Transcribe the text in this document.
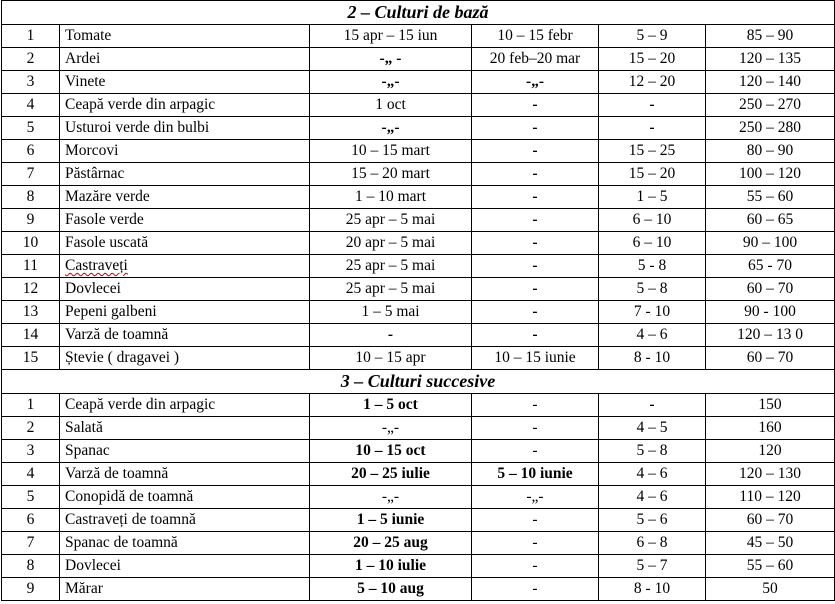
2 – Culturi de bază					
1	Tomate	15 apr – 15 iun	10 – 15 febr	5 – 9	85 – 90
2	Ardei	-„ -	20 feb–20 mar	15 – 20	120 – 135
3	Vinete	-„-	-„-	12 – 20	120 – 140
4	Ceapă verde din arpagic	1 oct	-	-	250 – 270
5	Usturoi verde din bulbi	-„-	-	-	250 – 280
6	Morcovi	10 – 15 mart	-	15 – 25	80 – 90
7	Păstârnac	15 – 20 mart	-	15 – 20	100 – 120
8	Mazăre verde	1 – 10 mart	-	1 – 5	55 – 60
9	Fasole verde	25 apr – 5 mai	-	6 – 10	60 – 65
10	Fasole uscată	20 apr – 5 mai	-	6 – 10	90 – 100
11	Castraveți	25 apr – 5 mai	-	5 - 8	65 - 70
12	Dovlecei	25 apr – 5 mai	-	5 – 8	60 – 70
13	Pepeni galbeni	1 – 5 mai	-	7 - 10	90 - 100
14	Varză de toamnă	-	-	4 – 6	120 – 13 0
15	Ștevie ( dragavei )	10 – 15 apr	10 – 15 iunie	8 - 10	60 – 70
3 – Culturi succesive					
1	Ceapă verde din arpagic	1 – 5 oct	-	-	150
2	Salată	-„-	-	4 – 5	160
3	Spanac	10 – 15 oct	-	5 – 8	120
4	Varză de toamnă	20 – 25 iulie	5 – 10 iunie	4 – 6	120 – 130
5	Conopidă de toamnă	-„-	-„-	4 – 6	110 – 120
6	Castraveți de toamnă	1 – 5 iunie	-	5 – 6	60 – 70
7	Spanac de toamnă	20 – 25 aug	-	6 – 8	45 – 50
8	Dovlecei	1 – 10 iulie	-	5 – 7	55 – 60
9	Mărar	5 – 10 aug	-	8 - 10	50
